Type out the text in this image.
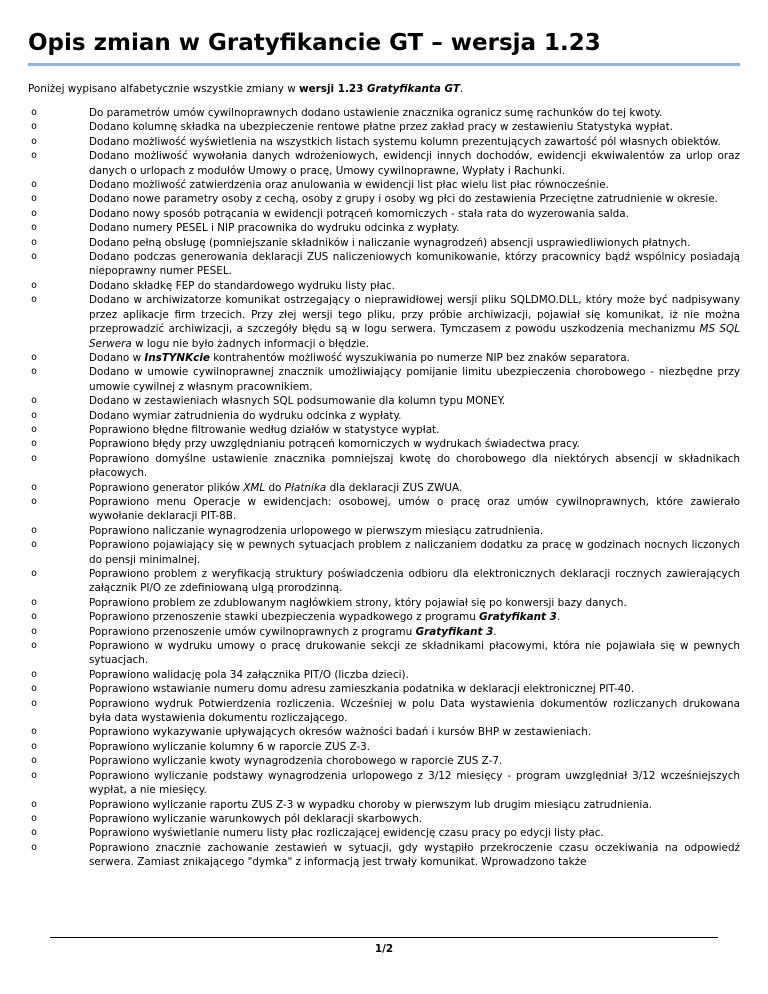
Opis zmian w Gratyfikancie GT – wersja 1.23

Poniżej wypisano alfabetycznie wszystkie zmiany w wersji 1.23 Gratyfikanta GT.

o	Do parametrów umów cywilnoprawnych dodano ustawienie znacznika ogranicz sumę rachunków do tej kwoty.
o	Dodano kolumnę składka na ubezpieczenie rentowe płatne przez zakład pracy w zestawieniu Statystyka wypłat.
o	Dodano możliwość wyświetlenia na wszystkich listach systemu kolumn prezentujących zawartość pól własnych obiektów.
o	Dodano możliwość wywołania danych wdrożeniowych, ewidencji innych dochodów, ewidencji ekwiwalentów za urlop oraz danych o urlopach z modułów Umowy o pracę, Umowy cywilnoprawne, Wypłaty i Rachunki.
o	Dodano możliwość zatwierdzenia oraz anulowania w ewidencji list płac wielu list płac równocześnie.
o	Dodano nowe parametry osoby z cechą, osoby z grupy i osoby wg płci do zestawienia Przeciętne zatrudnienie w okresie.
o	Dodano nowy sposób potrącania w ewidencji potrąceń komorniczych - stała rata do wyzerowania salda.
o	Dodano numery PESEL i NIP pracownika do wydruku odcinka z wypłaty.
o	Dodano pełną obsługę (pomniejszanie składników i naliczanie wynagrodzeń) absencji usprawiedliwionych płatnych.
o	Dodano podczas generowania deklaracji ZUS naliczeniowych komunikowanie, którzy pracownicy bądź wspólnicy posiadają niepoprawny numer PESEL.
o	Dodano składkę FEP do standardowego wydruku listy płac.
o	Dodano w archiwizatorze komunikat ostrzegający o nieprawidłowej wersji pliku SQLDMO.DLL, który może być nadpisywany przez aplikacje firm trzecich. Przy złej wersji tego pliku, przy próbie archiwizacji, pojawiał się komunikat, iż nie można przeprowadzić archiwizacji, a szczegóły błędu są w logu serwera. Tymczasem z powodu uszkodzenia mechanizmu MS SQL Serwera w logu nie było żadnych informacji o błędzie.
o	Dodano w InsTYNKcie kontrahentów możliwość wyszukiwania po numerze NIP bez znaków separatora.
o	Dodano w umowie cywilnoprawnej znacznik umożliwiający pomijanie limitu ubezpieczenia chorobowego - niezbędne przy umowie cywilnej z własnym pracownikiem.
o	Dodano w zestawieniach własnych SQL podsumowanie dla kolumn typu MONEY.
o	Dodano wymiar zatrudnienia do wydruku odcinka z wypłaty.
o	Poprawiono błędne filtrowanie według działów w statystyce wypłat.
o	Poprawiono błędy przy uwzględnianiu potrąceń komorniczych w wydrukach świadectwa pracy.
o	Poprawiono domyślne ustawienie znacznika pomniejszaj kwotę do chorobowego dla niektórych absencji w składnikach płacowych.
o	Poprawiono generator plików XML do Płatnika dla deklaracji ZUS ZWUA.
o	Poprawiono menu Operacje w ewidencjach: osobowej, umów o pracę oraz umów cywilnoprawnych, które zawierało wywołanie deklaracji PIT-8B.
o	Poprawiono naliczanie wynagrodzenia urlopowego w pierwszym miesiącu zatrudnienia.
o	Poprawiono pojawiający się w pewnych sytuacjach problem z naliczaniem dodatku za pracę w godzinach nocnych liczonych do pensji minimalnej.
o	Poprawiono problem z weryfikacją struktury poświadczenia odbioru dla elektronicznych deklaracji rocznych zawierających załącznik PI/O ze zdefiniowaną ulgą prorodzinną.
o	Poprawiono problem ze zdublowanym nagłówkiem strony, który pojawiał się po konwersji bazy danych.
o	Poprawiono przenoszenie stawki ubezpieczenia wypadkowego z programu Gratyfikant 3.
o	Poprawiono przenoszenie umów cywilnoprawnych z programu Gratyfikant 3.
o	Poprawiono w wydruku umowy o pracę drukowanie sekcji ze składnikami płacowymi, która nie pojawiała się w pewnych sytuacjach.
o	Poprawiono walidację pola 34 załącznika PIT/O (liczba dzieci).
o	Poprawiono wstawianie numeru domu adresu zamieszkania podatnika w deklaracji elektronicznej PIT-40.
o	Poprawiono wydruk Potwierdzenia rozliczenia. Wcześniej w polu Data wystawienia dokumentów rozliczanych drukowana była data wystawienia dokumentu rozliczającego.
o	Poprawiono wykazywanie upływających okresów ważności badań i kursów BHP w zestawieniach.
o	Poprawiono wyliczanie kolumny 6 w raporcie ZUS Z-3.
o	Poprawiono wyliczanie kwoty wynagrodzenia chorobowego w raporcie ZUS Z-7.
o	Poprawiono wyliczanie podstawy wynagrodzenia urlopowego z 3/12 miesięcy - program uwzględniał 3/12 wcześniejszych wypłat, a nie miesięcy.
o	Poprawiono wyliczanie raportu ZUS Z-3 w wypadku choroby w pierwszym lub drugim miesiącu zatrudnienia.
o	Poprawiono wyliczanie warunkowych pól deklaracji skarbowych.
o	Poprawiono wyświetlanie numeru listy płac rozliczającej ewidencję czasu pracy po edycji listy płac.
o	Poprawiono znacznie zachowanie zestawień w sytuacji, gdy wystąpiło przekroczenie czasu oczekiwania na odpowiedź serwera. Zamiast znikającego "dymka" z informacją jest trwały komunikat. Wprowadzono także
1/2
